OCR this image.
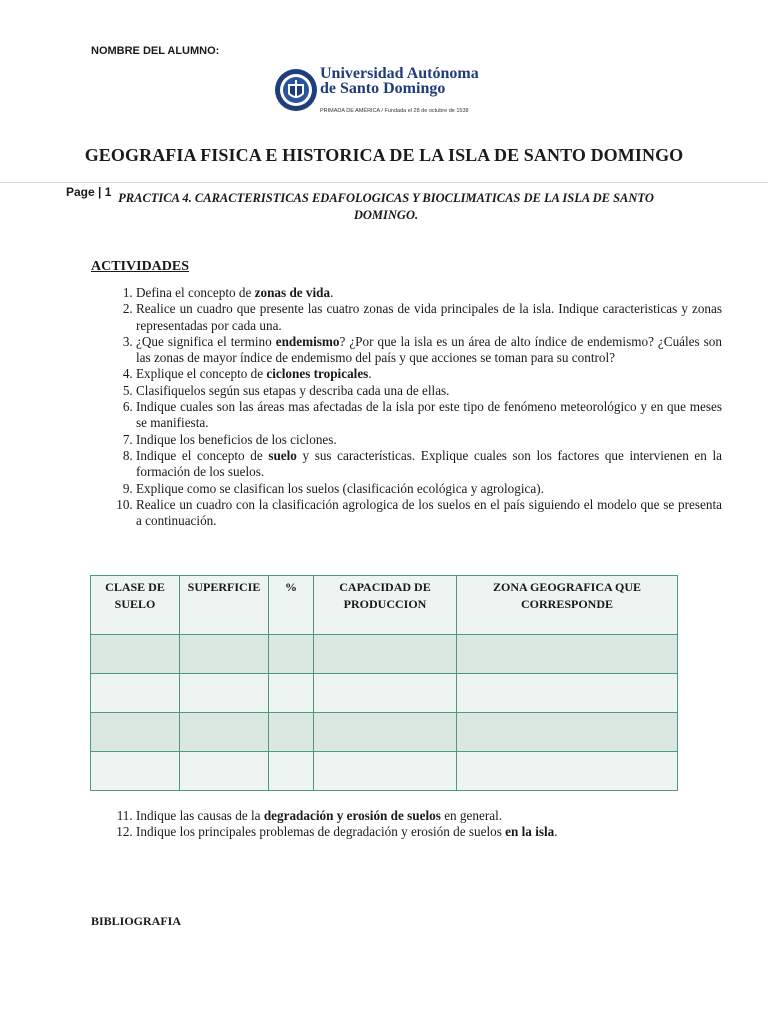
NOMBRE DEL ALUMNO:
Universidad Autónoma
de Santo Domingo
PRIMADA DE AMÉRICA / Fundada el 28 de octubre de 1538
GEOGRAFIA FISICA E HISTORICA DE LA ISLA DE SANTO DOMINGO
Page | 1 PRACTICA 4. CARACTERISTICAS EDAFOLOGICAS Y BIOCLIMATICAS DE LA ISLA DE SANTO DOMINGO.
ACTIVIDADES
1. Defina el concepto de zonas de vida.
2. Realice un cuadro que presente las cuatro zonas de vida principales de la isla. Indique caracteristicas y zonas representadas por cada una.
3. ¿Que significa el termino endemismo? ¿Por que la isla es un área de alto índice de endemismo? ¿Cuáles son las zonas de mayor índice de endemismo del país y que acciones se toman para su control?
4. Explique el concepto de ciclones tropicales.
5. Clasifiquelos según sus etapas y describa cada una de ellas.
6. Indique cuales son las áreas mas afectadas de la isla por este tipo de fenómeno meteorológico y en que meses se manifiesta.
7. Indique los beneficios de los ciclones.
8. Indique el concepto de suelo y sus características. Explique cuales son los factores que intervienen en la formación de los suelos.
9. Explique como se clasifican los suelos (clasificación ecológica y agrologica).
10. Realice un cuadro con la clasificación agrologica de los suelos en el país siguiendo el modelo que se presenta a continuación.
CLASE DE SUELO	SUPERFICIE	%	CAPACIDAD DE PRODUCCION	ZONA GEOGRAFICA QUE CORRESPONDE

11. Indique las causas de la degradación y erosión de suelos en general.
12. Indique los principales problemas de degradación y erosión de suelos en la isla.
BIBLIOGRAFIA
